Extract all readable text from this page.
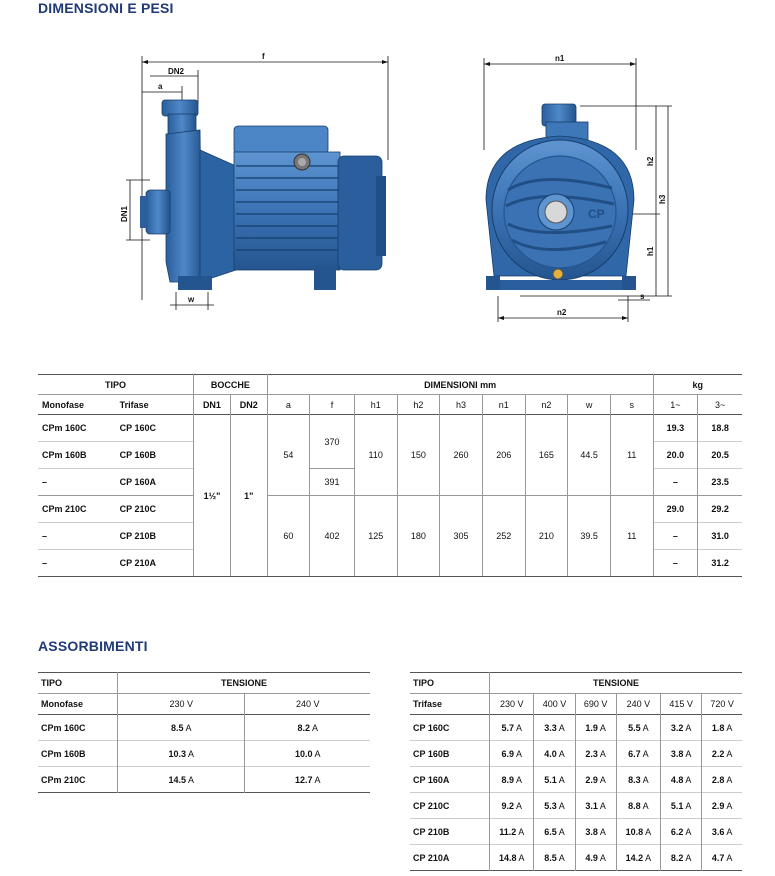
DIMENSIONI E PESI
f
DN2
a
DN1
w
n1
h2
h3
h1
n2
s
CP
TIPO		BOCCHE		DIMENSIONI mm									kg	
Monofase	Trifase	DN1	DN2	a	f	h1	h2	h3	n1	n2	w	s	1~	3~
CPm 160C	CP 160C	1½"	1"	54	370	110	150	260	206	165	44.5	11	19.3	18.8
CPm 160B	CP 160B												20.0	20.5
–	CP 160A				391								–	23.5
CPm 210C	CP 210C			60	402	125	180	305	252	210	39.5	11	29.0	29.2
–	CP 210B												–	31.0
–	CP 210A												–	31.2
ASSORBIMENTI
TIPO	TENSIONE	
Monofase	230 V	240 V
CPm 160C	8.5 A	8.2 A
CPm 160B	10.3 A	10.0 A
CPm 210C	14.5 A	12.7 A
TIPO	TENSIONE					
Trifase	230 V	400 V	690 V	240 V	415 V	720 V
CP 160C	5.7 A	3.3 A	1.9 A	5.5 A	3.2 A	1.8 A
CP 160B	6.9 A	4.0 A	2.3 A	6.7 A	3.8 A	2.2 A
CP 160A	8.9 A	5.1 A	2.9 A	8.3 A	4.8 A	2.8 A
CP 210C	9.2 A	5.3 A	3.1 A	8.8 A	5.1 A	2.9 A
CP 210B	11.2 A	6.5 A	3.8 A	10.8 A	6.2 A	3.6 A
CP 210A	14.8 A	8.5 A	4.9 A	14.2 A	8.2 A	4.7 A
